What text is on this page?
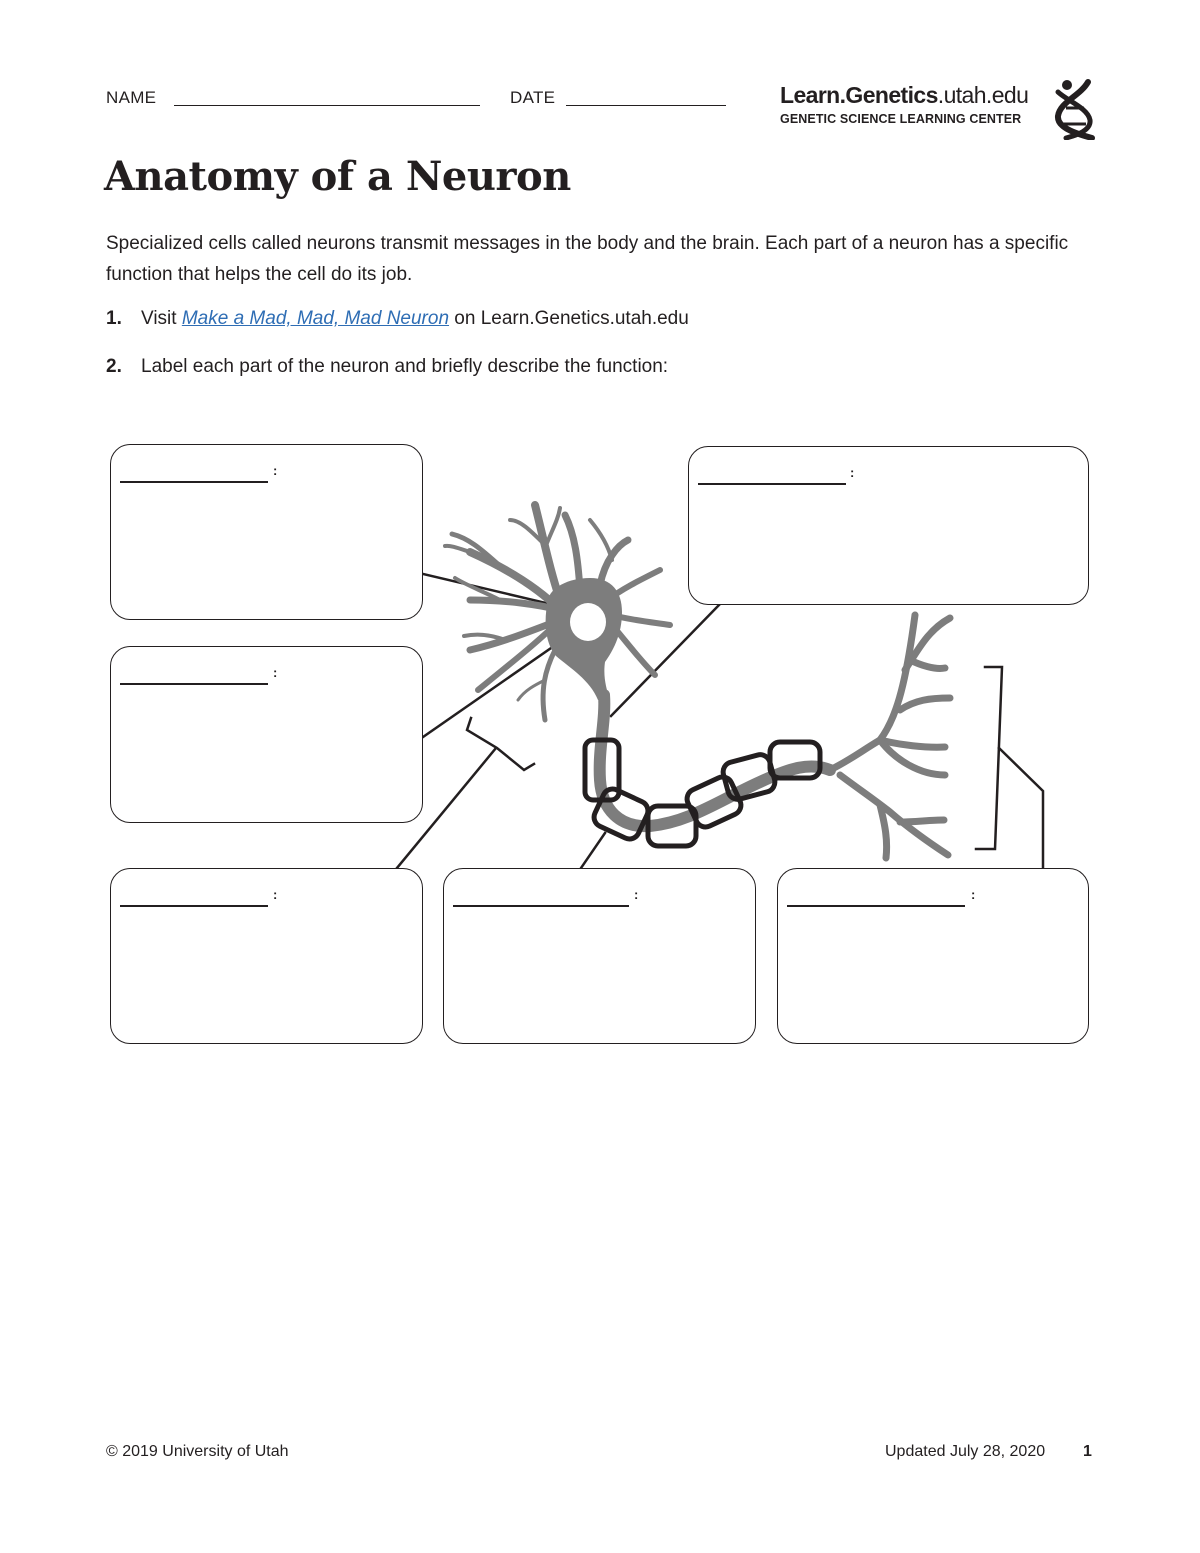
NAME	DATE	Learn.Genetics.utah.edu
GENETIC SCIENCE LEARNING CENTER
Anatomy of a Neuron

Specialized cells called neurons transmit messages in the body and the brain. Each part of a neuron has a specific function that helps the cell do its job.

1. Visit Make a Mad, Mad, Mad Neuron on Learn.Genetics.utah.edu
2. Label each part of the neuron and briefly describe the function:
:
:
:
:	:	:
© 2019 University of Utah	Updated July 28, 2020 1
